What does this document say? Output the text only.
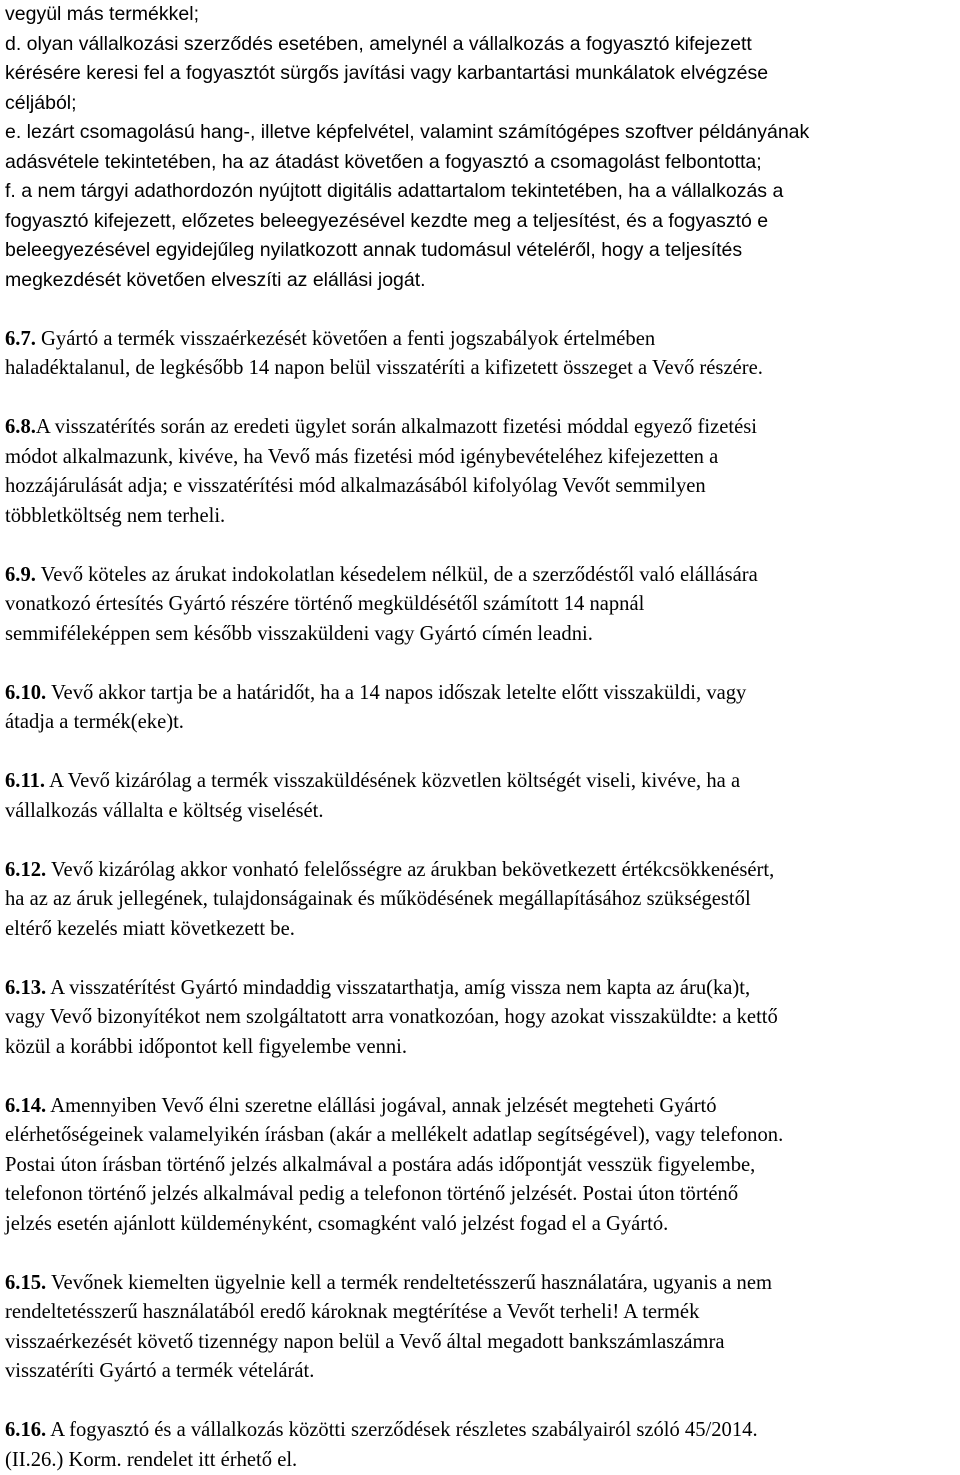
vegyül más termékkel;
d. olyan vállalkozási szerződés esetében, amelynél a vállalkozás a fogyasztó kifejezett
kérésére keresi fel a fogyasztót sürgős javítási vagy karbantartási munkálatok elvégzése
céljából;
e. lezárt csomagolású hang-, illetve képfelvétel, valamint számítógépes szoftver példányának
adásvétele tekintetében, ha az átadást követően a fogyasztó a csomagolást felbontotta;
f. a nem tárgyi adathordozón nyújtott digitális adattartalom tekintetében, ha a vállalkozás a
fogyasztó kifejezett, előzetes beleegyezésével kezdte meg a teljesítést, és a fogyasztó e
beleegyezésével egyidejűleg nyilatkozott annak tudomásul vételéről, hogy a teljesítés
megkezdését követően elveszíti az elállási jogát.
6.7. Gyártó a termék visszaérkezését követően a fenti jogszabályok értelmében
haladéktalanul, de legkésőbb 14 napon belül visszatéríti a kifizetett összeget a Vevő részére.
6.8.A visszatérítés során az eredeti ügylet során alkalmazott fizetési móddal egyező fizetési
módot alkalmazunk, kivéve, ha Vevő más fizetési mód igénybevételéhez kifejezetten a
hozzájárulását adja; e visszatérítési mód alkalmazásából kifolyólag Vevőt semmilyen
többletköltség nem terheli.
6.9. Vevő köteles az árukat indokolatlan késedelem nélkül, de a szerződéstől való elállására
vonatkozó értesítés Gyártó részére történő megküldésétől számított 14 napnál
semmiféleképpen sem később visszaküldeni vagy Gyártó címén leadni.
6.10. Vevő akkor tartja be a határidőt, ha a 14 napos időszak letelte előtt visszaküldi, vagy
átadja a termék(eke)t.
6.11. A Vevő kizárólag a termék visszaküldésének közvetlen költségét viseli, kivéve, ha a
vállalkozás vállalta e költség viselését.
6.12. Vevő kizárólag akkor vonható felelősségre az árukban bekövetkezett értékcsökkenésért,
ha az az áruk jellegének, tulajdonságainak és működésének megállapításához szükségestől
eltérő kezelés miatt következett be.
6.13. A visszatérítést Gyártó mindaddig visszatarthatja, amíg vissza nem kapta az áru(ka)t,
vagy Vevő bizonyítékot nem szolgáltatott arra vonatkozóan, hogy azokat visszaküldte: a kettő
közül a korábbi időpontot kell figyelembe venni.
6.14. Amennyiben Vevő élni szeretne elállási jogával, annak jelzését megteheti Gyártó
elérhetőségeinek valamelyikén írásban (akár a mellékelt adatlap segítségével), vagy telefonon.
Postai úton írásban történő jelzés alkalmával a postára adás időpontját vesszük figyelembe,
telefonon történő jelzés alkalmával pedig a telefonon történő jelzését. Postai úton történő
jelzés esetén ajánlott küldeményként, csomagként való jelzést fogad el a Gyártó.
6.15. Vevőnek kiemelten ügyelnie kell a termék rendeltetésszerű használatára, ugyanis a nem
rendeltetésszerű használatából eredő károknak megtérítése a Vevőt terheli! A termék
visszaérkezését követő tizennégy napon belül a Vevő által megadott bankszámlaszámra
visszatéríti Gyártó a termék vételárát.
6.16. A fogyasztó és a vállalkozás közötti szerződések részletes szabályairól szóló 45/2014.
(II.26.) Korm. rendelet itt érhető el.
